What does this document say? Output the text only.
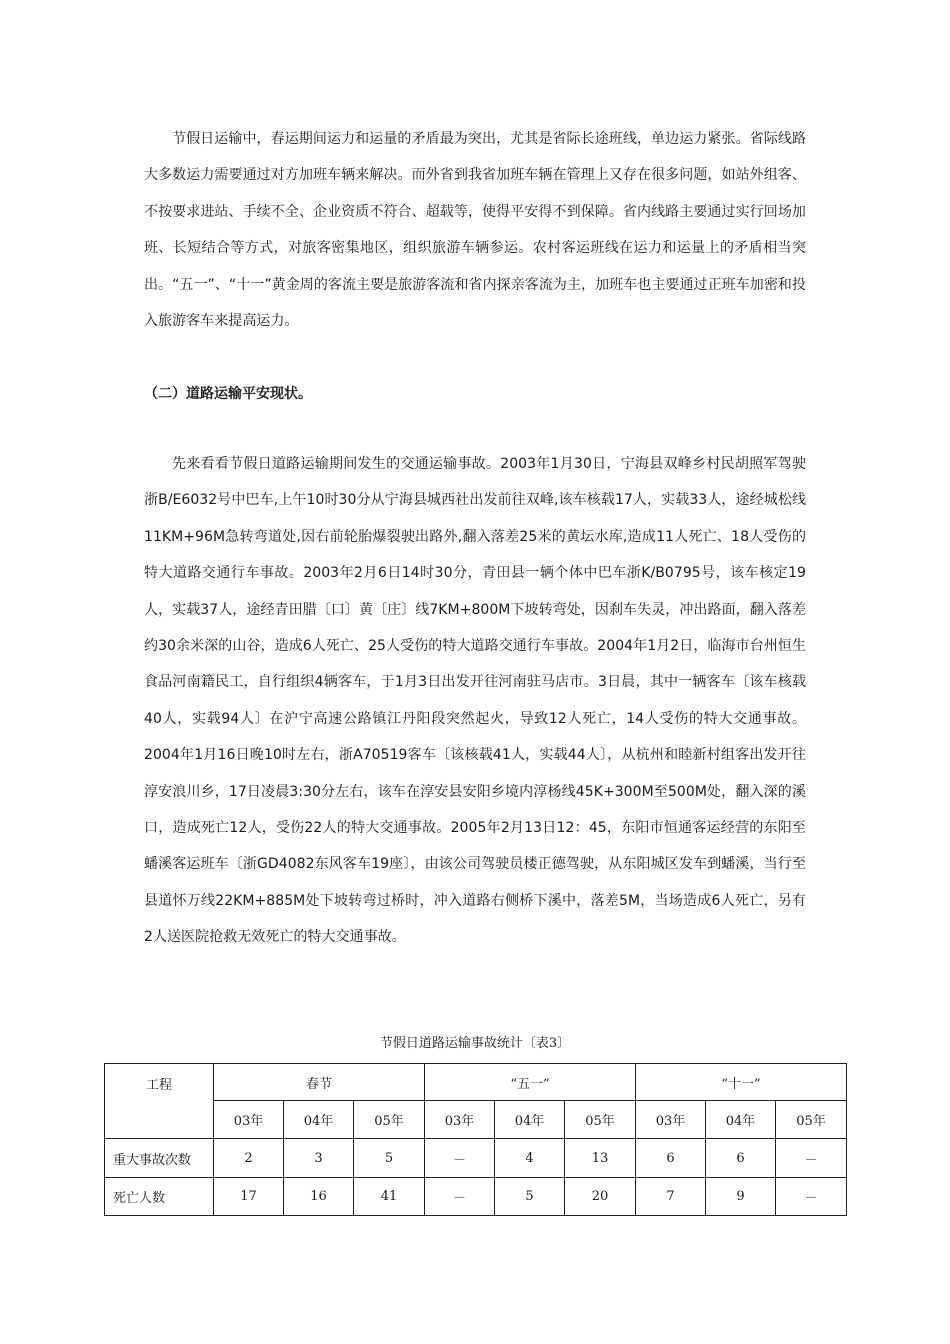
节假日运输中，春运期间运力和运量的矛盾最为突出，尤其是省际长途班线，单边运力紧张。省际线路大多数运力需要通过对方加班车辆来解决。而外省到我省加班车辆在管理上又存在很多问题，如站外组客、不按要求进站、手续不全、企业资质不符合、超载等，使得平安得不到保障。省内线路主要通过实行回场加班、长短结合等方式，对旅客密集地区，组织旅游车辆参运。农村客运班线在运力和运量上的矛盾相当突出。“五一”、“十一”黄金周的客流主要是旅游客流和省内探亲客流为主，加班车也主要通过正班车加密和投入旅游客车来提高运力。

（二）道路运输平安现状。

先来看看节假日道路运输期间发生的交通运输事故。2003年1月30日，宁海县双峰乡村民胡照军驾驶浙B/E6032号中巴车,上午10时30分从宁海县城西社出发前往双峰,该车核载17人，实载33人，途经城松线11KM+96M急转弯道处,因右前轮胎爆裂驶出路外,翻入落差25米的黄坛水库,造成11人死亡、18人受伤的特大道路交通行车事故。2003年2月6日14时30分，青田县一辆个体中巴车浙K/B0795号，该车核定19人，实载37人，途经青田腊〔口〕黄〔庄〕线7KM+800M下坡转弯处，因刹车失灵，冲出路面，翻入落差约30余米深的山谷，造成6人死亡、25人受伤的特大道路交通行车事故。2004年1月2日，临海市台州恒生食品河南籍民工，自行组织4辆客车，于1月3日出发开往河南驻马店市。3日晨，其中一辆客车〔该车核载40人，实载94人〕在沪宁高速公路镇江丹阳段突然起火，导致12人死亡，14人受伤的特大交通事故。2004年1月16日晚10时左右，浙A70519客车〔该核载41人，实载44人〕，从杭州和睦新村组客出发开往淳安浪川乡，17日凌晨3:30分左右，该车在淳安县安阳乡境内淳杨线45K+300M至500M处，翻入深的溪口，造成死亡12人，受伤22人的特大交通事故。2005年2月13日12：45，东阳市恒通客运经营的东阳至蟠溪客运班车〔浙GD4082东风客车19座〕，由该公司驾驶员楼正德驾驶，从东阳城区发车到蟠溪，当行至县道怀万线22KM+885M处下坡转弯过桥时，冲入道路右侧桥下溪中，落差5M，当场造成6人死亡，另有2人送医院抢救无效死亡的特大交通事故。

节假日道路运输事故统计〔表3〕
工程	春节			“五一”			“十一”		
	03年	04年	05年	03年	04年	05年	03年	04年	05年
重大事故次数	2	3	5	－	4	13	6	6	－
死亡人数	17	16	41	－	5	20	7	9	－
